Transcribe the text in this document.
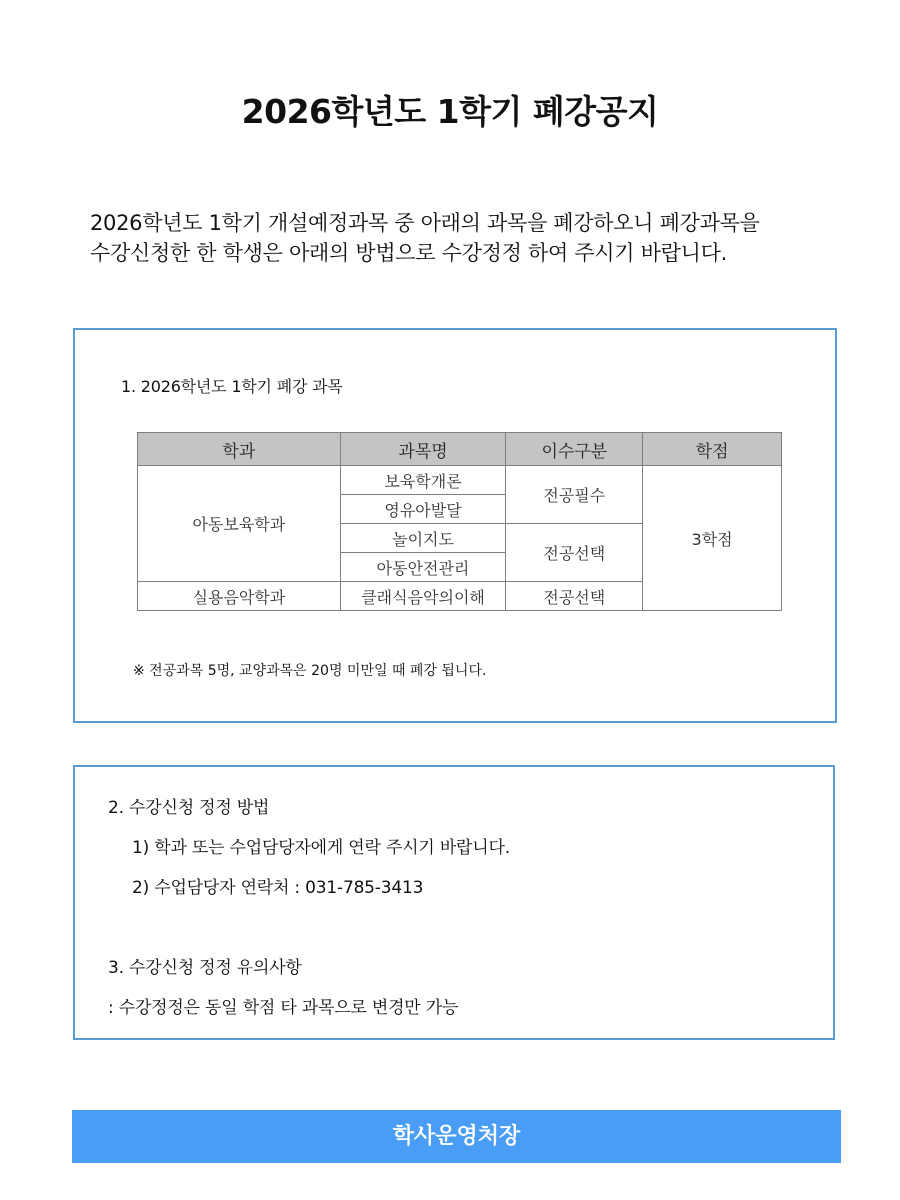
2026학년도 1학기 폐강공지
2026학년도 1학기 개설예정과목 중 아래의 과목을 폐강하오니 폐강과목을
수강신청한 한 학생은 아래의 방법으로 수강정정 하여 주시기 바랍니다.
1. 2026학년도 1학기 폐강 과목
학과	과목명	이수구분	학점
아동보육학과	보육학개론	전공필수	3학점
	영유아발달		
	놀이지도	전공선택	
	아동안전관리		
실용음악학과	클래식음악의이해	전공선택	
※ 전공과목 5명, 교양과목은 20명 미만일 때 폐강 됩니다.
2. 수강신청 정정 방법
1) 학과 또는 수업담당자에게 연락 주시기 바랍니다.
2) 수업담당자 연락처 : 031-785-3413
3. 수강신청 정정 유의사항
: 수강정정은 동일 학점 타 과목으로 변경만 가능
학사운영처장
